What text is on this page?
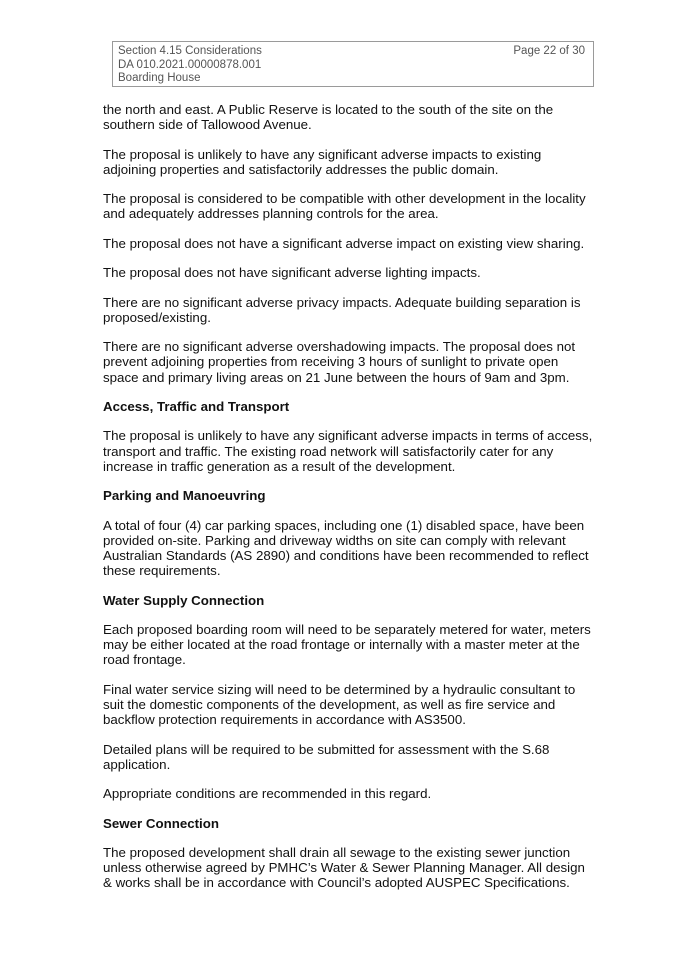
Section 4.15 Considerations
DA 010.2021.00000878.001
Boarding House
Page 22 of 30

the north and east. A Public Reserve is located to the south of the site on the southern side of Tallowood Avenue.

The proposal is unlikely to have any significant adverse impacts to existing adjoining properties and satisfactorily addresses the public domain.

The proposal is considered to be compatible with other development in the locality and adequately addresses planning controls for the area.

The proposal does not have a significant adverse impact on existing view sharing.

The proposal does not have significant adverse lighting impacts.

There are no significant adverse privacy impacts. Adequate building separation is proposed/existing.

There are no significant adverse overshadowing impacts. The proposal does not prevent adjoining properties from receiving 3 hours of sunlight to private open space and primary living areas on 21 June between the hours of 9am and 3pm.

Access, Traffic and Transport

The proposal is unlikely to have any significant adverse impacts in terms of access, transport and traffic. The existing road network will satisfactorily cater for any increase in traffic generation as a result of the development.

Parking and Manoeuvring

A total of four (4) car parking spaces, including one (1) disabled space, have been provided on-site. Parking and driveway widths on site can comply with relevant Australian Standards (AS 2890) and conditions have been recommended to reflect these requirements.

Water Supply Connection

Each proposed boarding room will need to be separately metered for water, meters may be either located at the road frontage or internally with a master meter at the road frontage.

Final water service sizing will need to be determined by a hydraulic consultant to suit the domestic components of the development, as well as fire service and backflow protection requirements in accordance with AS3500.

Detailed plans will be required to be submitted for assessment with the S.68 application.

Appropriate conditions are recommended in this regard.

Sewer Connection

The proposed development shall drain all sewage to the existing sewer junction unless otherwise agreed by PMHC’s Water & Sewer Planning Manager. All design & works shall be in accordance with Council’s adopted AUSPEC Specifications.
